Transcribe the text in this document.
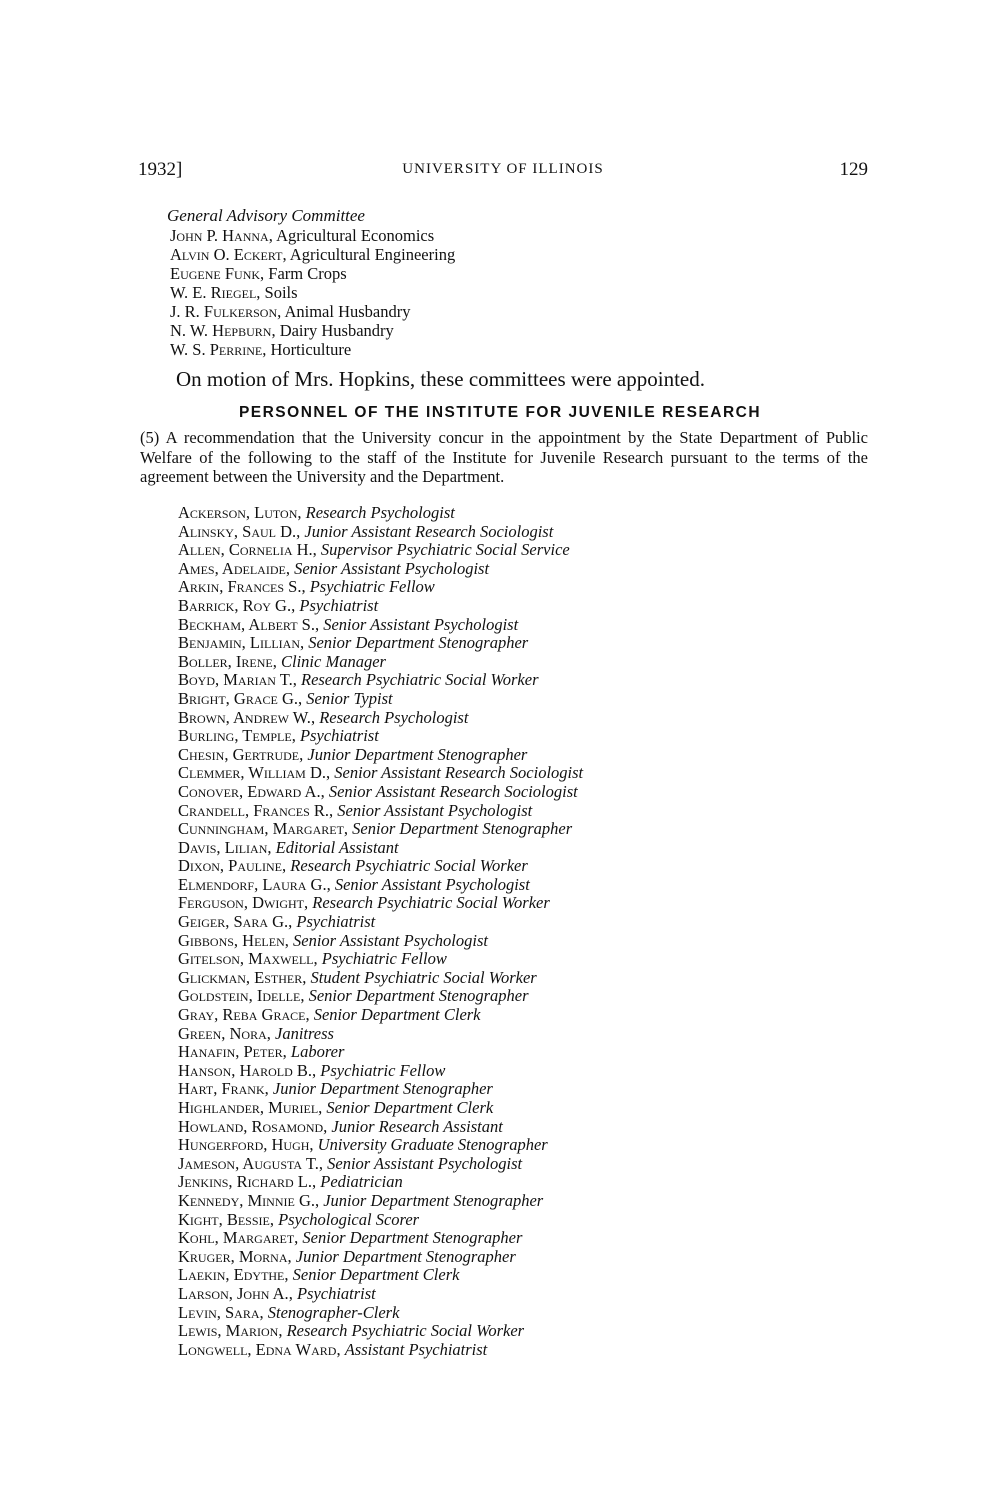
1932]	UNIVERSITY OF ILLINOIS	129
General Advisory Committee
John P. Hanna, Agricultural Economics
Alvin O. Eckert, Agricultural Engineering
Eugene Funk, Farm Crops
W. E. Riegel, Soils
J. R. Fulkerson, Animal Husbandry
N. W. Hepburn, Dairy Husbandry
W. S. Perrine, Horticulture
On motion of Mrs. Hopkins, these committees were appointed.
PERSONNEL OF THE INSTITUTE FOR JUVENILE RESEARCH
(5) A recommendation that the University concur in the appointment by the State Department of Public Welfare of the following to the staff of the Institute for Juvenile Research pursuant to the terms of the agreement between the University and the Department.
Ackerson, Luton, Research Psychologist
Alinsky, Saul D., Junior Assistant Research Sociologist
Allen, Cornelia H., Supervisor Psychiatric Social Service
Ames, Adelaide, Senior Assistant Psychologist
Arkin, Frances S., Psychiatric Fellow
Barrick, Roy G., Psychiatrist
Beckham, Albert S., Senior Assistant Psychologist
Benjamin, Lillian, Senior Department Stenographer
Boller, Irene, Clinic Manager
Boyd, Marian T., Research Psychiatric Social Worker
Bright, Grace G., Senior Typist
Brown, Andrew W., Research Psychologist
Burling, Temple, Psychiatrist
Chesin, Gertrude, Junior Department Stenographer
Clemmer, William D., Senior Assistant Research Sociologist
Conover, Edward A., Senior Assistant Research Sociologist
Crandell, Frances R., Senior Assistant Psychologist
Cunningham, Margaret, Senior Department Stenographer
Davis, Lilian, Editorial Assistant
Dixon, Pauline, Research Psychiatric Social Worker
Elmendorf, Laura G., Senior Assistant Psychologist
Ferguson, Dwight, Research Psychiatric Social Worker
Geiger, Sara G., Psychiatrist
Gibbons, Helen, Senior Assistant Psychologist
Gitelson, Maxwell, Psychiatric Fellow
Glickman, Esther, Student Psychiatric Social Worker
Goldstein, Idelle, Senior Department Stenographer
Gray, Reba Grace, Senior Department Clerk
Green, Nora, Janitress
Hanafin, Peter, Laborer
Hanson, Harold B., Psychiatric Fellow
Hart, Frank, Junior Department Stenographer
Highlander, Muriel, Senior Department Clerk
Howland, Rosamond, Junior Research Assistant
Hungerford, Hugh, University Graduate Stenographer
Jameson, Augusta T., Senior Assistant Psychologist
Jenkins, Richard L., Pediatrician
Kennedy, Minnie G., Junior Department Stenographer
Kight, Bessie, Psychological Scorer
Kohl, Margaret, Senior Department Stenographer
Kruger, Morna, Junior Department Stenographer
Laekin, Edythe, Senior Department Clerk
Larson, John A., Psychiatrist
Levin, Sara, Stenographer-Clerk
Lewis, Marion, Research Psychiatric Social Worker
Longwell, Edna Ward, Assistant Psychiatrist
